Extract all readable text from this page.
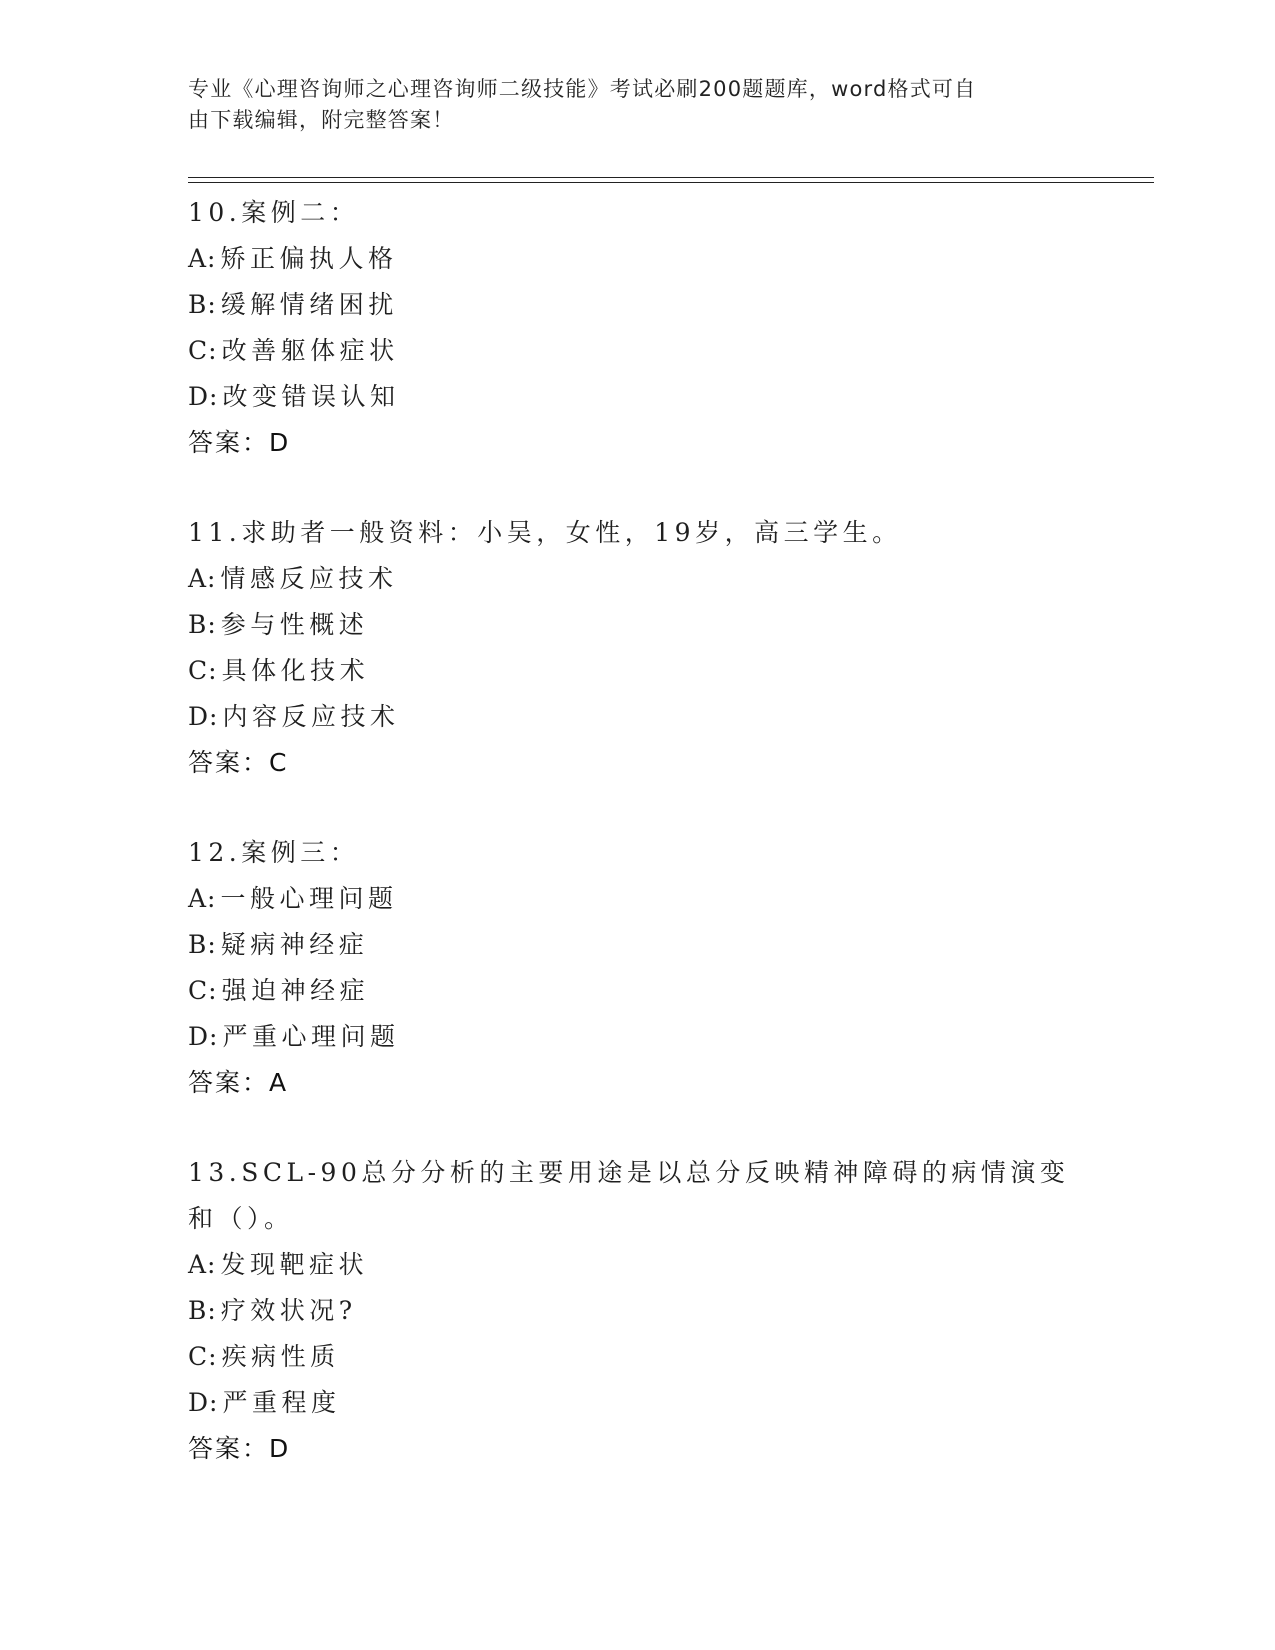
专业《心理咨询师之心理咨询师二级技能》考试必刷200题题库，word格式可自
由下载编辑，附完整答案！
10.案例二：
A: 矫正偏执人格
B: 缓解情绪困扰
C: 改善躯体症状
D: 改变错误认知
答案：D
11.求助者一般资料：小吴，女性，19岁，高三学生。
A: 情感反应技术
B: 参与性概述
C: 具体化技术
D: 内容反应技术
答案：C
12.案例三：
A: 一般心理问题
B: 疑病神经症
C: 强迫神经症
D: 严重心理问题
答案：A
13.SCL-90总分分析的主要用途是以总分反映精神障碍的病情演变和（）。
A: 发现靶症状
B: 疗效状况?
C: 疾病性质
D: 严重程度
答案：D
